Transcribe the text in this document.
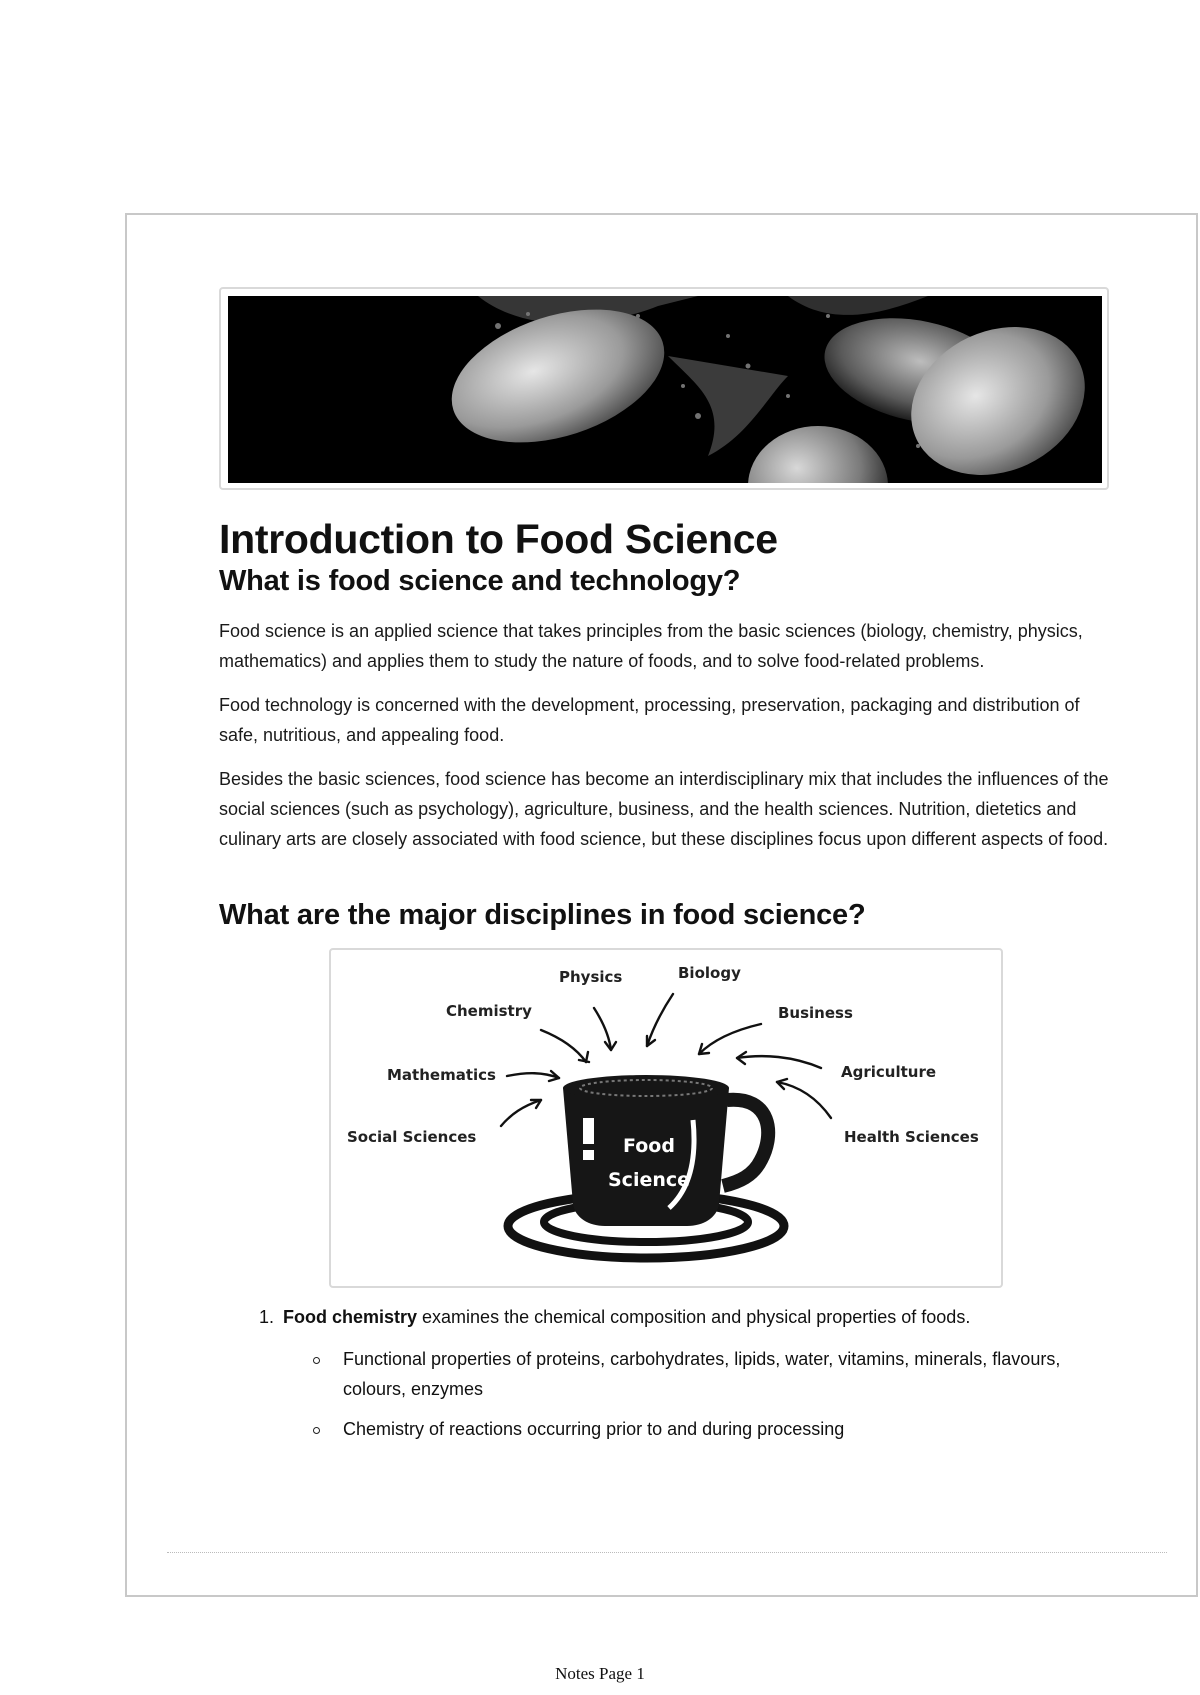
Introduction to Food Science
What is food science and technology?

Food science is an applied science that takes principles from the basic sciences (biology, chemistry, physics, mathematics) and applies them to study the nature of foods, and to solve food-related problems.

Food technology is concerned with the development, processing, preservation, packaging and distribution of safe, nutritious, and appealing food.

Besides the basic sciences, food science has become an interdisciplinary mix that includes the influences of the social sciences (such as psychology), agriculture, business, and the health sciences. Nutrition, dietetics and culinary arts are closely associated with food science, but these disciplines focus upon different aspects of food.

What are the major disciplines in food science?
Physics	Biology
Chemistry	Business
Mathematics	Agriculture
Social Sciences	Health Sciences
Food
Science
1. Food chemistry examines the chemical composition and physical properties of foods.
Functional properties of proteins, carbohydrates, lipids, water, vitamins, minerals, flavours, colours, enzymes
Chemistry of reactions occurring prior to and during processing
Notes Page 1
